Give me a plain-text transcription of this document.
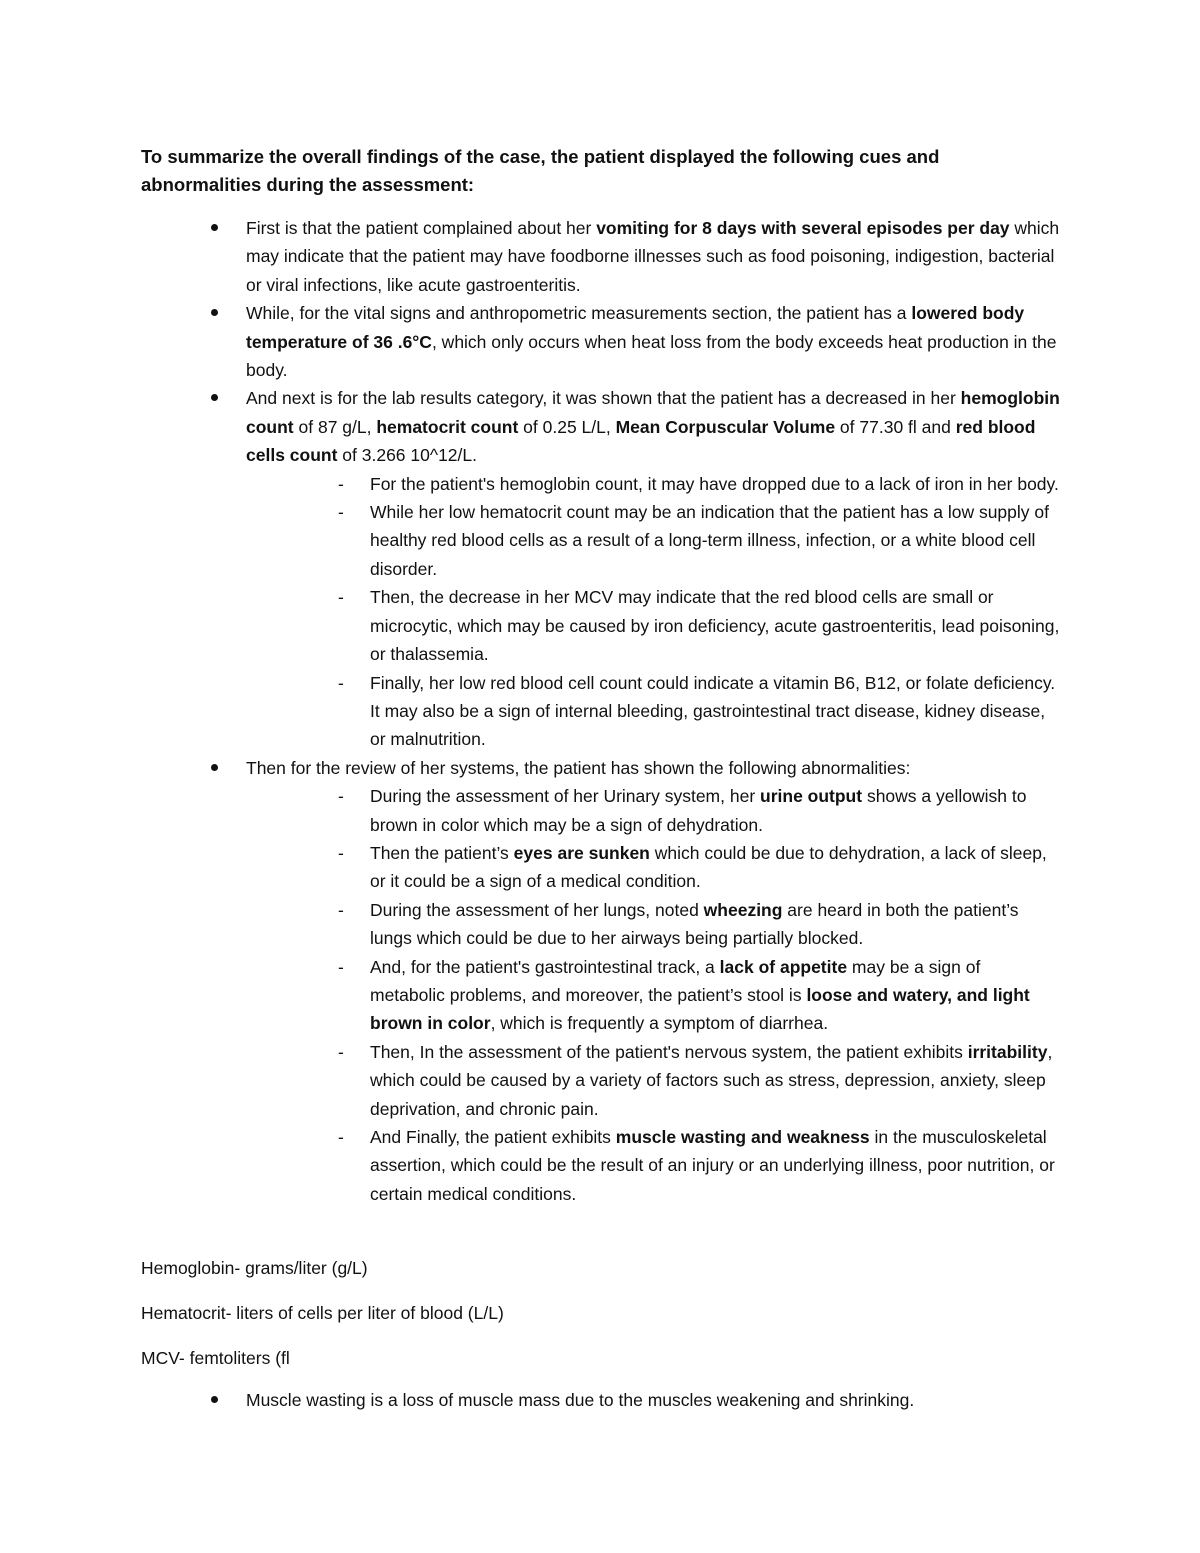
To summarize the overall findings of the case, the patient displayed the following cues and abnormalities during the assessment:

First is that the patient complained about her vomiting for 8 days with several episodes per day which may indicate that the patient may have foodborne illnesses such as food poisoning, indigestion, bacterial or viral infections, like acute gastroenteritis.
While, for the vital signs and anthropometric measurements section, the patient has a lowered body temperature of 36 .6°C, which only occurs when heat loss from the body exceeds heat production in the body.
And next is for the lab results category, it was shown that the patient has a decreased in her hemoglobin count of 87 g/L, hematocrit count of 0.25 L/L, Mean Corpuscular Volume of 77.30 fl and red blood cells count of 3.266 10^12/L.
- For the patient's hemoglobin count, it may have dropped due to a lack of iron in her body.
- While her low hematocrit count may be an indication that the patient has a low supply of healthy red blood cells as a result of a long-term illness, infection, or a white blood cell disorder.
- Then, the decrease in her MCV may indicate that the red blood cells are small or microcytic, which may be caused by iron deficiency, acute gastroenteritis, lead poisoning, or thalassemia.
- Finally, her low red blood cell count could indicate a vitamin B6, B12, or folate deficiency. It may also be a sign of internal bleeding, gastrointestinal tract disease, kidney disease, or malnutrition.
Then for the review of her systems, the patient has shown the following abnormalities:
- During the assessment of her Urinary system, her urine output shows a yellowish to brown in color which may be a sign of dehydration.
- Then the patient’s eyes are sunken which could be due to dehydration, a lack of sleep, or it could be a sign of a medical condition.
- During the assessment of her lungs, noted wheezing are heard in both the patient’s lungs which could be due to her airways being partially blocked.
- And, for the patient's gastrointestinal track, a lack of appetite may be a sign of metabolic problems, and moreover, the patient’s stool is loose and watery, and light brown in color, which is frequently a symptom of diarrhea.
- Then, In the assessment of the patient's nervous system, the patient exhibits irritability, which could be caused by a variety of factors such as stress, depression, anxiety, sleep deprivation, and chronic pain.
- And Finally, the patient exhibits muscle wasting and weakness in the musculoskeletal assertion, which could be the result of an injury or an underlying illness, poor nutrition, or certain medical conditions.

Hemoglobin- grams/liter (g/L)

Hematocrit- liters of cells per liter of blood (L/L)

MCV- femtoliters (fl

Muscle wasting is a loss of muscle mass due to the muscles weakening and shrinking.
